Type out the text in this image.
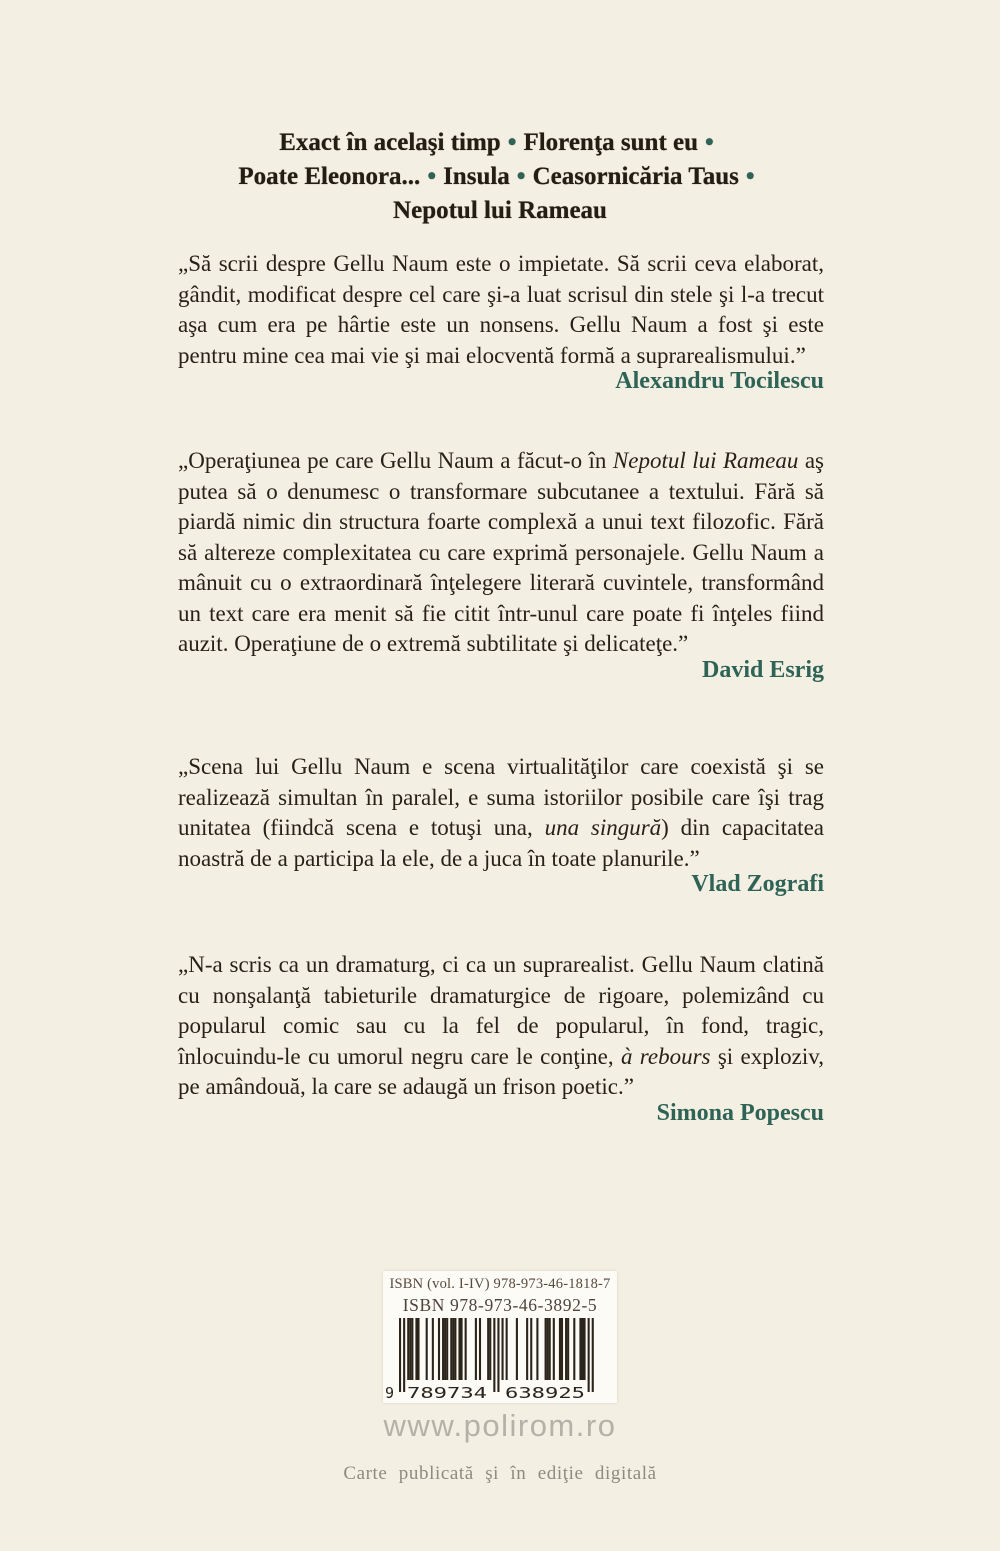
Exact în acelaşi timp • Florenţa sunt eu •
Poate Eleonora... • Insula • Ceasornicăria Taus •
Nepotul lui Rameau

„Să scrii despre Gellu Naum este o impietate. Să scrii ceva elaborat, gândit, modificat despre cel care şi-a luat scrisul din stele şi l-a trecut aşa cum era pe hârtie este un nonsens. Gellu Naum a fost şi este pentru mine cea mai vie şi mai elocventă formă a suprarealismului.”

Alexandru Tocilescu

„Operaţiunea pe care Gellu Naum a făcut-o în Nepotul lui Rameau aş putea să o denumesc o transformare subcutanee a textului. Fără să piardă nimic din structura foarte complexă a unui text filozofic. Fără să altereze complexitatea cu care exprimă personajele. Gellu Naum a mânuit cu o extraordinară înţelegere literară cuvintele, transformând un text care era menit să fie citit într-unul care poate fi înţeles fiind auzit. Operaţiune de o extremă subtilitate şi delicateţe.”

David Esrig

„Scena lui Gellu Naum e scena virtualităţilor care coexistă şi se realizează simultan în paralel, e suma istoriilor posibile care îşi trag unitatea (fiindcă scena e totuşi una, una singură) din capacitatea noastră de a participa la ele, de a juca în toate planurile.”

Vlad Zografi

„N-a scris ca un dramaturg, ci ca un suprarealist. Gellu Naum clatină cu nonşalanţă tabieturile dramaturgice de rigoare, polemizând cu popularul comic sau cu la fel de popularul, în fond, tragic, înlocuindu-le cu umorul negru care le conţine, à rebours şi exploziv, pe amândouă, la care se adaugă un frison poetic.”

Simona Popescu
ISBN (vol. I-IV) 978-973-46-1818-7
ISBN 978-973-46-3892-5
9 789734 638925
www.polirom.ro
Carte publicată şi în ediţie digitală
